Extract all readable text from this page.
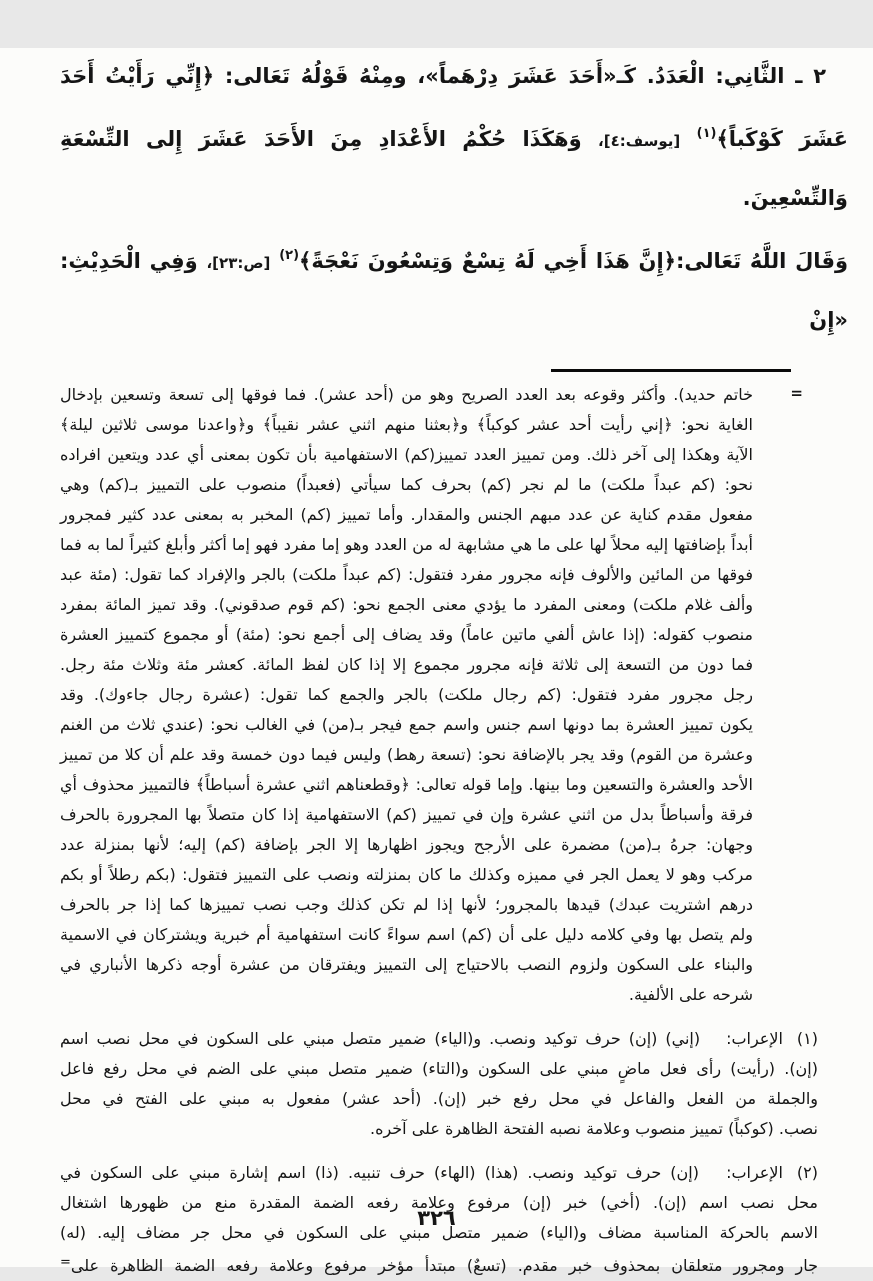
٢ ـ الثَّانِي: الْعَدَدُ. كَـ«أَحَدَ عَشَرَ دِرْهَماً»، ومِنْهُ قَوْلُهُ تَعَالى: ﴿إِنِّي رَأَيْتُ أَحَدَ
عَشَرَ كَوْكَباً﴾$^{(١)}$ [يوسف:٤]، وَهَكَذَا حُكْمُ الأَعْدَادِ مِنَ الأَحَدَ عَشَرَ إِلى التِّسْعَةِ وَالتِّسْعِينَ.
وَقَالَ اللَّهُ تَعَالى:﴿إِنَّ هَذَا أَخِي لَهُ تِسْعٌ وَتِسْعُونَ نَعْجَةً﴾$^{(٢)}$ [ص:٢٣]، وَفِي الْحَدِيْثِ: «إِنْ
=
خاتم حديد). وأكثر وقوعه بعد العدد الصريح وهو من (أحد عشر). فما فوقها إلى تسعة وتسعين بإدخال
الغاية نحو: ﴿إني رأيت أحد عشر كوكباً﴾ و﴿بعثنا منهم اثني عشر نقيباً﴾ و﴿واعدنا موسى ثلاثين ليلة﴾
الآية وهكذا إلى آخر ذلك. ومن تمييز العدد تمييز(كم) الاستفهامية بأن تكون بمعنى أي عدد ويتعين افراده
نحو: (كم عبداً ملكت) ما لم نجر (كم) بحرف كما سيأتي (فعبداً) منصوب على التمييز بـ(كم) وهي
مفعول مقدم كناية عن عدد مبهم الجنس والمقدار. وأما تمييز (كم) المخبر به بمعنى عدد كثير فمجرور
أبداً بإضافتها إليه محلاً لها على ما هي مشابهة له من العدد وهو إما مفرد فهو إما أكثر وأبلغ كثيراً لما به فما
فوقها من المائين والألوف فإنه مجرور مفرد فتقول: (كم عبداً ملكت) بالجر والإفراد كما تقول: (مئة عبد
وألف غلام ملكت) ومعنى المفرد ما يؤدي معنى الجمع نحو: (كم قوم صدقوني). وقد تميز المائة بمفرد
منصوب كقوله: (إذا عاش ألفي ماتين عاماً) وقد يضاف إلى أجمع نحو: (مئة) أو مجموع كتمييز العشرة
فما دون من التسعة إلى ثلاثة فإنه مجرور مجموع إلا إذا كان لفظ المائة. كعشر مئة وثلاث مئة رجل.
رجل مجرور مفرد فتقول: (كم رجال ملكت) بالجر والجمع كما تقول: (عشرة رجال جاءوك). وقد
يكون تمييز العشرة بما دونها اسم جنس واسم جمع فيجر بـ(من) في الغالب نحو: (عندي ثلاث من الغنم
وعشرة من القوم) وقد يجر بالإضافة نحو: (تسعة رهط) وليس فيما دون خمسة وقد علم أن كلا من تمييز
الأحد والعشرة والتسعين وما بينها. وإما قوله تعالى: ﴿وقطعناهم اثني عشرة أسباطاً﴾ فالتمييز محذوف أي
فرقة وأسباطاً بدل من اثني عشرة وإن في تمييز (كم) الاستفهامية إذا كان متصلاً بها المجرورة بالحرف
وجهان: جرهُ بـ(من) مضمرة على الأرجح ويجوز اظهارها إلا الجر بإضافة (كم) إليه؛ لأنها بمنزلة عدد
مركب وهو لا يعمل الجر في مميزه وكذلك ما كان بمنزلته ونصب على التمييز فتقول: (بكم رطلاً أو بكم
درهم اشتريت عبدك) قيدها بالمجرور؛ لأنها إذا لم تكن كذلك وجب نصب تمييزها كما إذا جر بالحرف
ولم يتصل بها وفي كلامه دليل على أن (كم) اسم سواءً كانت استفهامية أم خبرية ويشتركان في الاسمية
والبناء على السكون ولزوم النصب بالاحتياج إلى التمييز ويفترقان من عشرة أوجه ذكرها الأنباري في
شرحه على الألفية.
(١)الإعراب: (إني) (إن) حرف توكيد ونصب. و(الياء) ضمير متصل مبني على السكون في محل نصب اسم
(إن). (رأيت) رأى فعل ماضٍ مبني على السكون و(التاء) ضمير متصل مبني على الضم في محل رفع فاعل
والجملة من الفعل والفاعل في محل رفع خبر (إن). (أحد عشر) مفعول به مبني على الفتح في محل
نصب. (كوكباً) تمييز منصوب وعلامة نصبه الفتحة الظاهرة على آخره.
(٢)الإعراب: (إن) حرف توكيد ونصب. (هذا) (الهاء) حرف تنبيه. (ذا) اسم إشارة مبني على السكون في
محل نصب اسم (إن). (أخي) خبر (إن) مرفوع وعلامة رفعه الضمة المقدرة منع من ظهورها اشتغال
الاسم بالحركة المناسبة مضاف و(الياء) ضمير متصل مبني على السكون في محل جر مضاف إليه. (له)
جار ومجرور متعلقان بمحذوف خبر مقدم. (تسعٌ) مبتدأ مؤخر مرفوع وعلامة رفعه الضمة الظاهرة على=
٣٢٦
